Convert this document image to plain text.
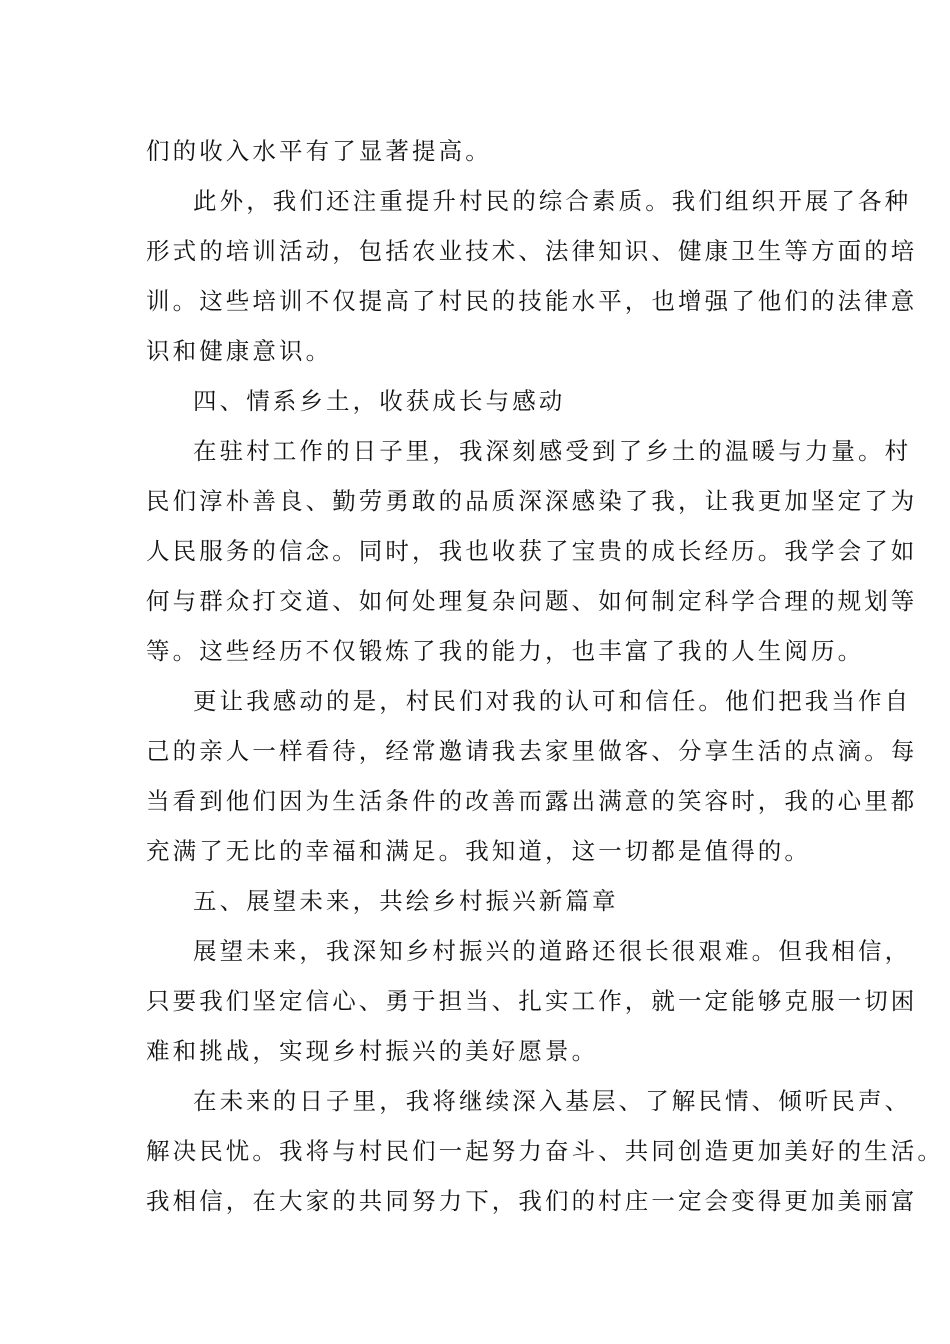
们的收入水平有了显著提高。
此外，我们还注重提升村民的综合素质。我们组织开展了各种
形式的培训活动，包括农业技术、法律知识、健康卫生等方面的培
训。这些培训不仅提高了村民的技能水平，也增强了他们的法律意
识和健康意识。
四、情系乡土，收获成长与感动
在驻村工作的日子里，我深刻感受到了乡土的温暖与力量。村
民们淳朴善良、勤劳勇敢的品质深深感染了我，让我更加坚定了为
人民服务的信念。同时，我也收获了宝贵的成长经历。我学会了如
何与群众打交道、如何处理复杂问题、如何制定科学合理的规划等
等。这些经历不仅锻炼了我的能力，也丰富了我的人生阅历。
更让我感动的是，村民们对我的认可和信任。他们把我当作自
己的亲人一样看待，经常邀请我去家里做客、分享生活的点滴。每
当看到他们因为生活条件的改善而露出满意的笑容时，我的心里都
充满了无比的幸福和满足。我知道，这一切都是值得的。
五、展望未来，共绘乡村振兴新篇章
展望未来，我深知乡村振兴的道路还很长很艰难。但我相信，
只要我们坚定信心、勇于担当、扎实工作，就一定能够克服一切困
难和挑战，实现乡村振兴的美好愿景。
在未来的日子里，我将继续深入基层、了解民情、倾听民声、
解决民忧。我将与村民们一起努力奋斗、共同创造更加美好的生活。
我相信，在大家的共同努力下，我们的村庄一定会变得更加美丽富
